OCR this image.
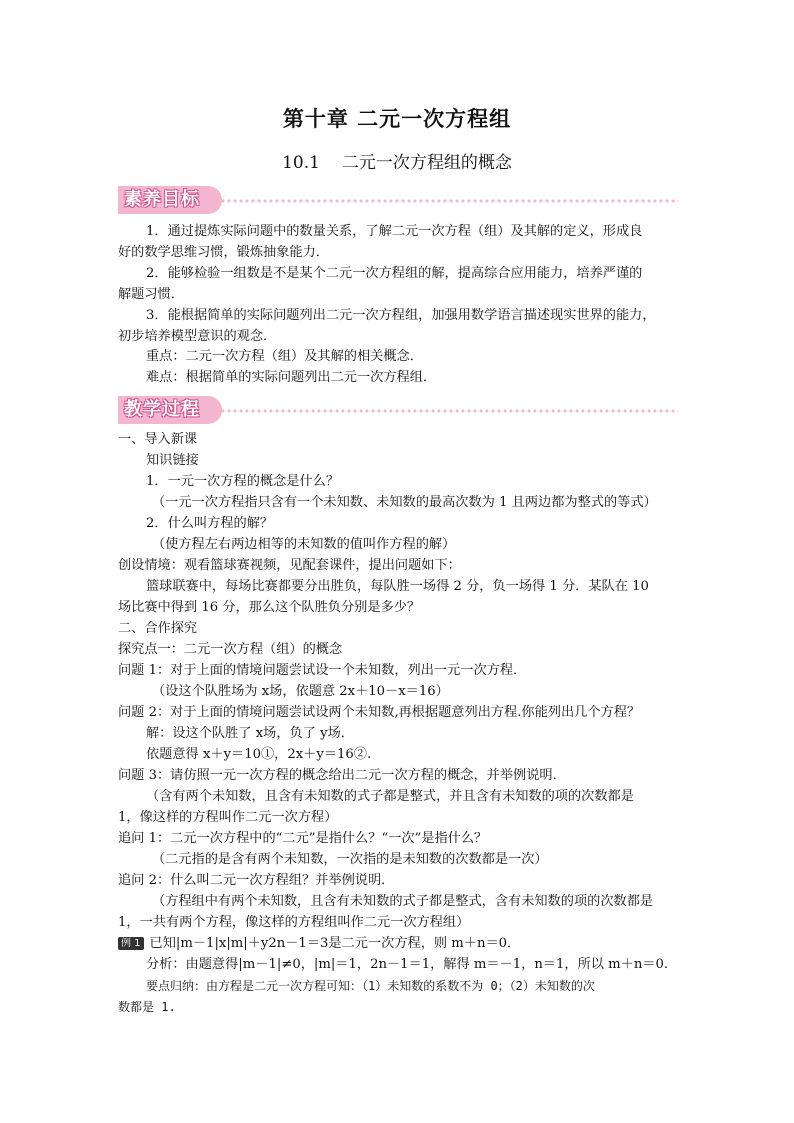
第十章 二元一次方程组
10.1 二元一次方程组的概念
素养目标
1．通过提炼实际问题中的数量关系，了解二元一次方程（组）及其解的定义，形成良
好的数学思维习惯，锻炼抽象能力．
2．能够检验一组数是不是某个二元一次方程组的解，提高综合应用能力，培养严谨的
解题习惯．
3．能根据简单的实际问题列出二元一次方程组，加强用数学语言描述现实世界的能力，
初步培养模型意识的观念．
重点：二元一次方程（组）及其解的相关概念．
难点：根据简单的实际问题列出二元一次方程组．
教学过程
一、导入新课
知识链接
1．一元一次方程的概念是什么？
（一元一次方程指只含有一个未知数、未知数的最高次数为 1 且两边都为整式的等式）
2．什么叫方程的解？
（使方程左右两边相等的未知数的值叫作方程的解）
创设情境：观看篮球赛视频，见配套课件，提出问题如下：
篮球联赛中，每场比赛都要分出胜负，每队胜一场得 2 分，负一场得 1 分．某队在 10
场比赛中得到 16 分，那么这个队胜负分别是多少？
二、合作探究
探究点一：二元一次方程（组）的概念
问题 1：对于上面的情境问题尝试设一个未知数，列出一元一次方程．
（设这个队胜场为 x场，依题意 2x＋10－x＝16）
问题 2：对于上面的情境问题尝试设两个未知数,再根据题意列出方程.你能列出几个方程？
解：设这个队胜了 x场，负了 y场．
依题意得 x＋y＝10①，2x＋y＝16②.
问题 3：请仿照一元一次方程的概念给出二元一次方程的概念，并举例说明．
（含有两个未知数，且含有未知数的式子都是整式，并且含有未知数的项的次数都是
1，像这样的方程叫作二元一次方程）
追问 1：二元一次方程中的“二元”是指什么？“一次”是指什么？
（二元指的是含有两个未知数，一次指的是未知数的次数都是一次）
追问 2：什么叫二元一次方程组？并举例说明．
（方程组中有两个未知数，且含有未知数的式子都是整式，含有未知数的项的次数都是
1，一共有两个方程，像这样的方程组叫作二元一次方程组）
例 1 已知|m－1|x|m|＋y2n－1＝3是二元一次方程，则 m＋n＝0．
分析：由题意得|m－1|≠0，|m|＝1，2n－1＝1，解得 m＝－1，n＝1，所以 m＋n＝0.
要点归纳：由方程是二元一次方程可知：（1）未知数的系数不为 0；（2）未知数的次
数都是 1.
